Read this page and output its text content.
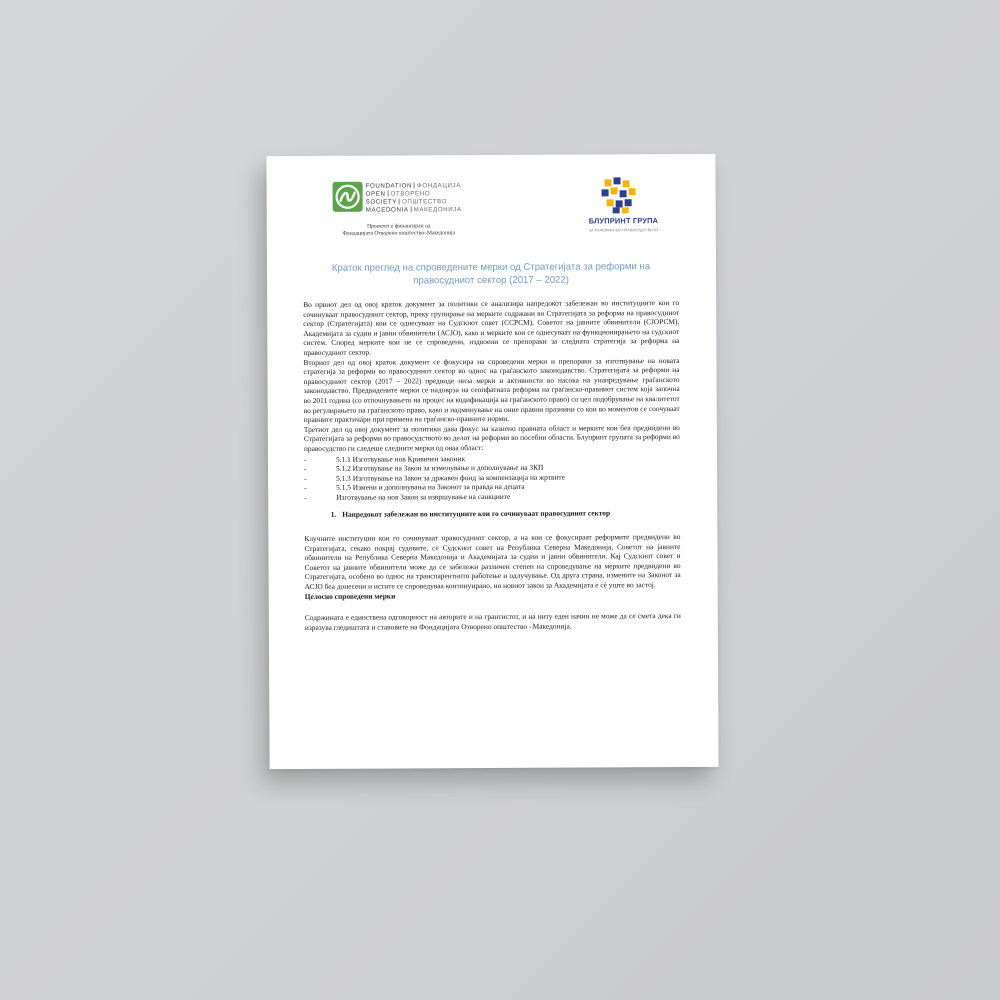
FOUNDATION ФОНДАЦИЈА
OPEN ОТВОРЕНО
SOCIETY ОПШТЕСТВО
MACEDONIA МАКЕДОНИЈА
Проектот е финансиран од
Фондацијата Отворено општество–Македонија
БЛУПРИНТ ГРУПА
ЗА РЕФОРМИ ВО ПРАВОСУДСТВОТО
Краток преглед на спроведените мерки од Стратегијата за реформи на правосудниот сектор (2017 – 2022)

Во првиот дел од овој краток документ за политики се анализира напредокот забележан во институциите кои го сочинуваат правосудниот сектор, преку групирање на мерките содржани во Стратегијата за реформа на правосудниот сектор (Стратегијата) кои се однесуваат на Судскиот совет (ССРСМ), Советот на јавните обвинители (СЈОРСМ), Академијата за судии и јавни обвинители (АСЈО), како и мерките кои се однесуваат на функционирањето на судскиот систем. Според мерките кои не се спроведени, издвоени се препораки за следната стратегија за реформа на правосудниот сектор.

Вториот дел од овој краток документ се фокусира на спроведени мерки и препораки за изготвување на новата стратегија за реформи во правосудниот сектор во однос на граѓанското законодавство. Стратегијата за реформи на правосудниот сектор (2017 – 2022) предвиде низа мерки и активности во насока на унапредување граѓанското законодавство. Предвидените мерки се надоврза на сеопфатната реформа на граѓанско-правниот систем која започна во 2011 година (со отпочнувањето на процес на кодификација на граѓанското право) со цел подобрување на квалитетот во регулирањето на граѓанското право, како и надминување на оние правни празнини со кои во моментов се соочуваат правните практичари при примена на граѓанско-правните норми.

Третиот дел од овој документ за политики дава фокус на казнено правната област и мерките кои беа предвидени во Стратегијата за реформи во правосудството во делот на реформи во посебни области. Блупринт групата за реформи во правосудство ги следеше следните мерки од оваа област:

-	5.1.1 Изготвување нов Кривичен законик
-	5.1.2 Изготвување на Закон за изменување и дополнување на ЗКП
-	5.1.3 Изготвување на Закон за државен фонд за компензација на жртвите
-	5.1.5 Измени и дополнувања на Законот за правда на децата
-	Изготвување на нов Закон за извршување на санкциите
1. Напредокот забележан во институциите кои го сочинуваат правосудниот сектор

Клучните институции кои го сочинуваат правосудниот сектор, а на кои се фокусираат реформите предвидени во Стратегијата, секако покрај судовите, се Судскиот совет на Република Северна Македонија, Советот на јавните обвинители на Република Северна Македонија и Академијата за судии и јавни обвинители. Кај Судскиот совет и Советот на јавните обвинители може да се забележи различен степен на спроведување на мерките предвидени во Стратегијата, особено во однос на транспарентното работење и одлучување. Од друга страна, измените на Законот за АСЈО беа донесени и истите се спроведуваа континуирано, но новиот закон за Академијата е сè уште во застој.

Целосно спроведени мерки

Содржината е единствена одговорност на авторите и на грантистот, и на ниту еден начин не може да се смета дека ги изразува гледиштата и ставовите на Фондацијата Отворено општество –Македонија.
